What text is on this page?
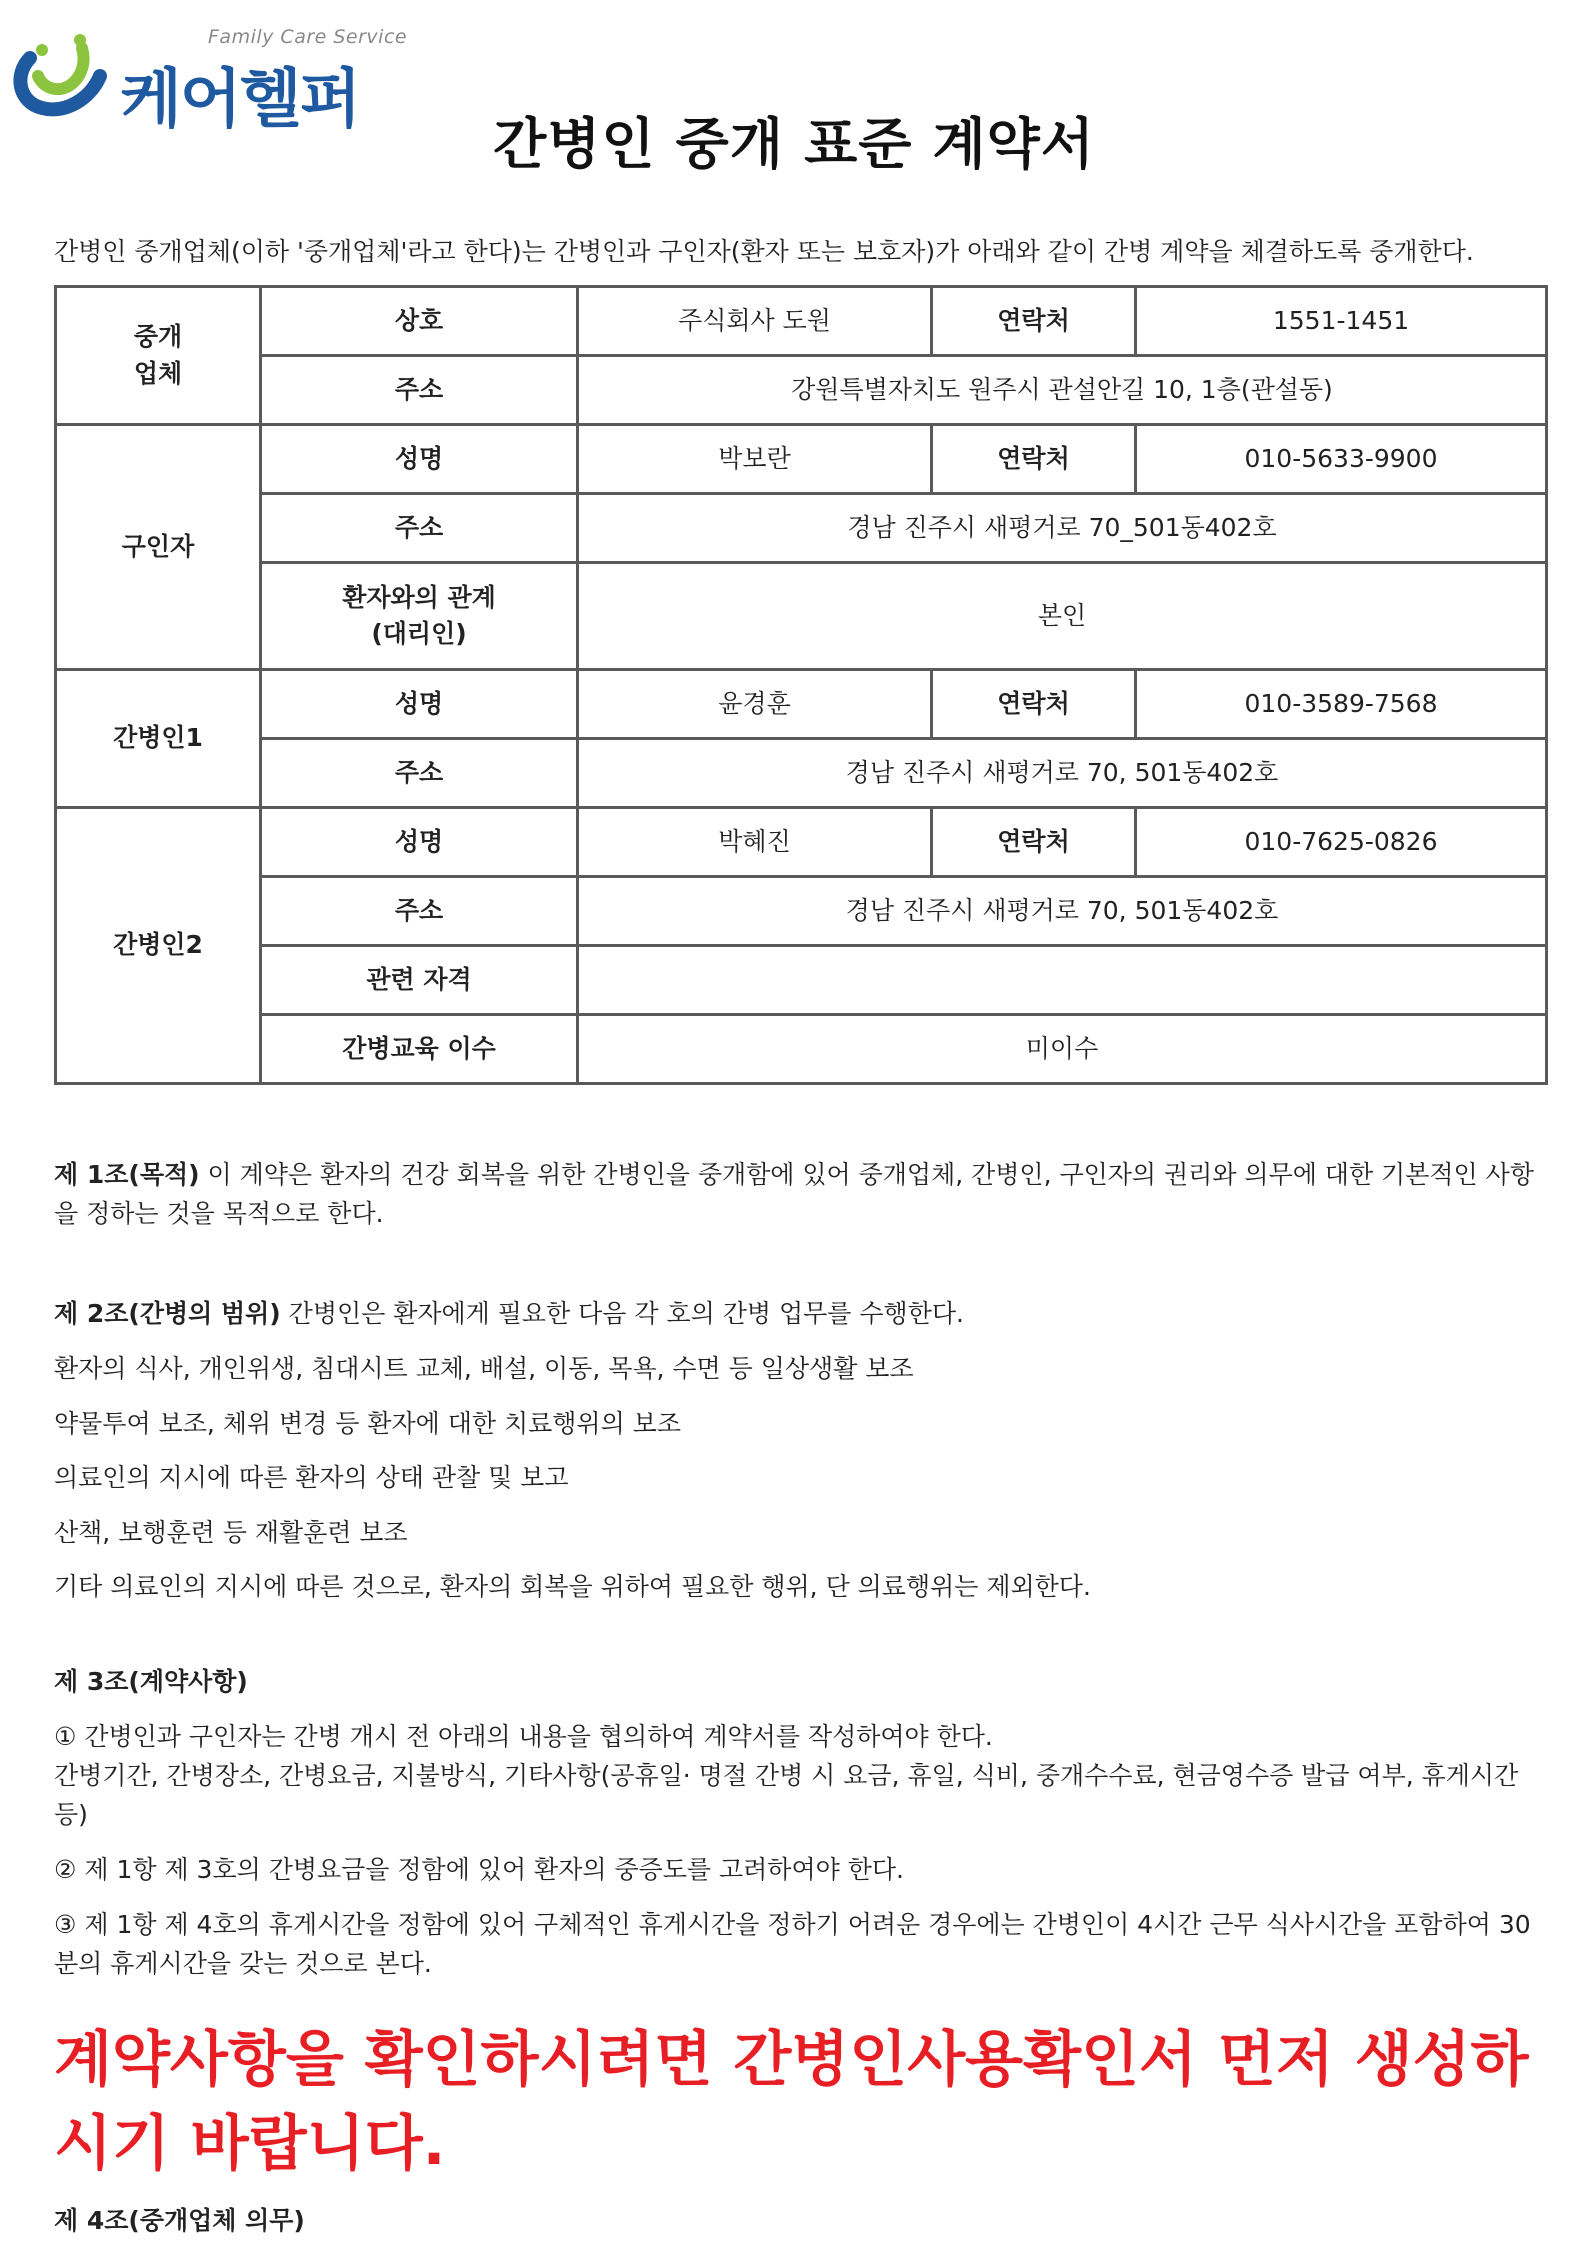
Family Care Service
케어헬퍼
간병인 중개 표준 계약서
간병인 중개업체(이하 '중개업체'라고 한다)는 간병인과 구인자(환자 또는 보호자)가 아래와 같이 간병 계약을 체결하도록 중개한다.
중개
업체	상호	주식회사 도원	연락처	1551-1451
	주소	강원특별자치도 원주시 관설안길 10, 1층(관설동)		
구인자	성명	박보란	연락처	010-5633-9900
	주소	경남 진주시 새평거로 70_501동402호		
	환자와의 관계
(대리인)	본인		
간병인1	성명	윤경훈	연락처	010-3589-7568
	주소	경남 진주시 새평거로 70, 501동402호		
간병인2	성명	박혜진	연락처	010-7625-0826
	주소	경남 진주시 새평거로 70, 501동402호		
	관련 자격			
	간병교육 이수	미이수		
제 1조(목적) 이 계약은 환자의 건강 회복을 위한 간병인을 중개함에 있어 중개업체, 간병인, 구인자의 권리와 의무에 대한 기본적인 사항을 정하는 것을 목적으로 한다.
제 2조(간병의 범위) 간병인은 환자에게 필요한 다음 각 호의 간병 업무를 수행한다.
환자의 식사, 개인위생, 침대시트 교체, 배설, 이동, 목욕, 수면 등 일상생활 보조
약물투여 보조, 체위 변경 등 환자에 대한 치료행위의 보조
의료인의 지시에 따른 환자의 상태 관찰 및 보고
산책, 보행훈련 등 재활훈련 보조
기타 의료인의 지시에 따른 것으로, 환자의 회복을 위하여 필요한 행위, 단 의료행위는 제외한다.
제 3조(계약사항)
① 간병인과 구인자는 간병 개시 전 아래의 내용을 협의하여 계약서를 작성하여야 한다.
간병기간, 간병장소, 간병요금, 지불방식, 기타사항(공휴일· 명절 간병 시 요금, 휴일, 식비, 중개수수료, 현금영수증 발급 여부, 휴게시간 등)
② 제 1항 제 3호의 간병요금을 정함에 있어 환자의 중증도를 고려하여야 한다.
③ 제 1항 제 4호의 휴게시간을 정함에 있어 구체적인 휴게시간을 정하기 어려운 경우에는 간병인이 4시간 근무 식사시간을 포함하여 30분의 휴게시간을 갖는 것으로 본다.
계약사항을 확인하시려면 간병인사용확인서 먼저 생성하시기 바랍니다.
제 4조(중개업체 의무)
